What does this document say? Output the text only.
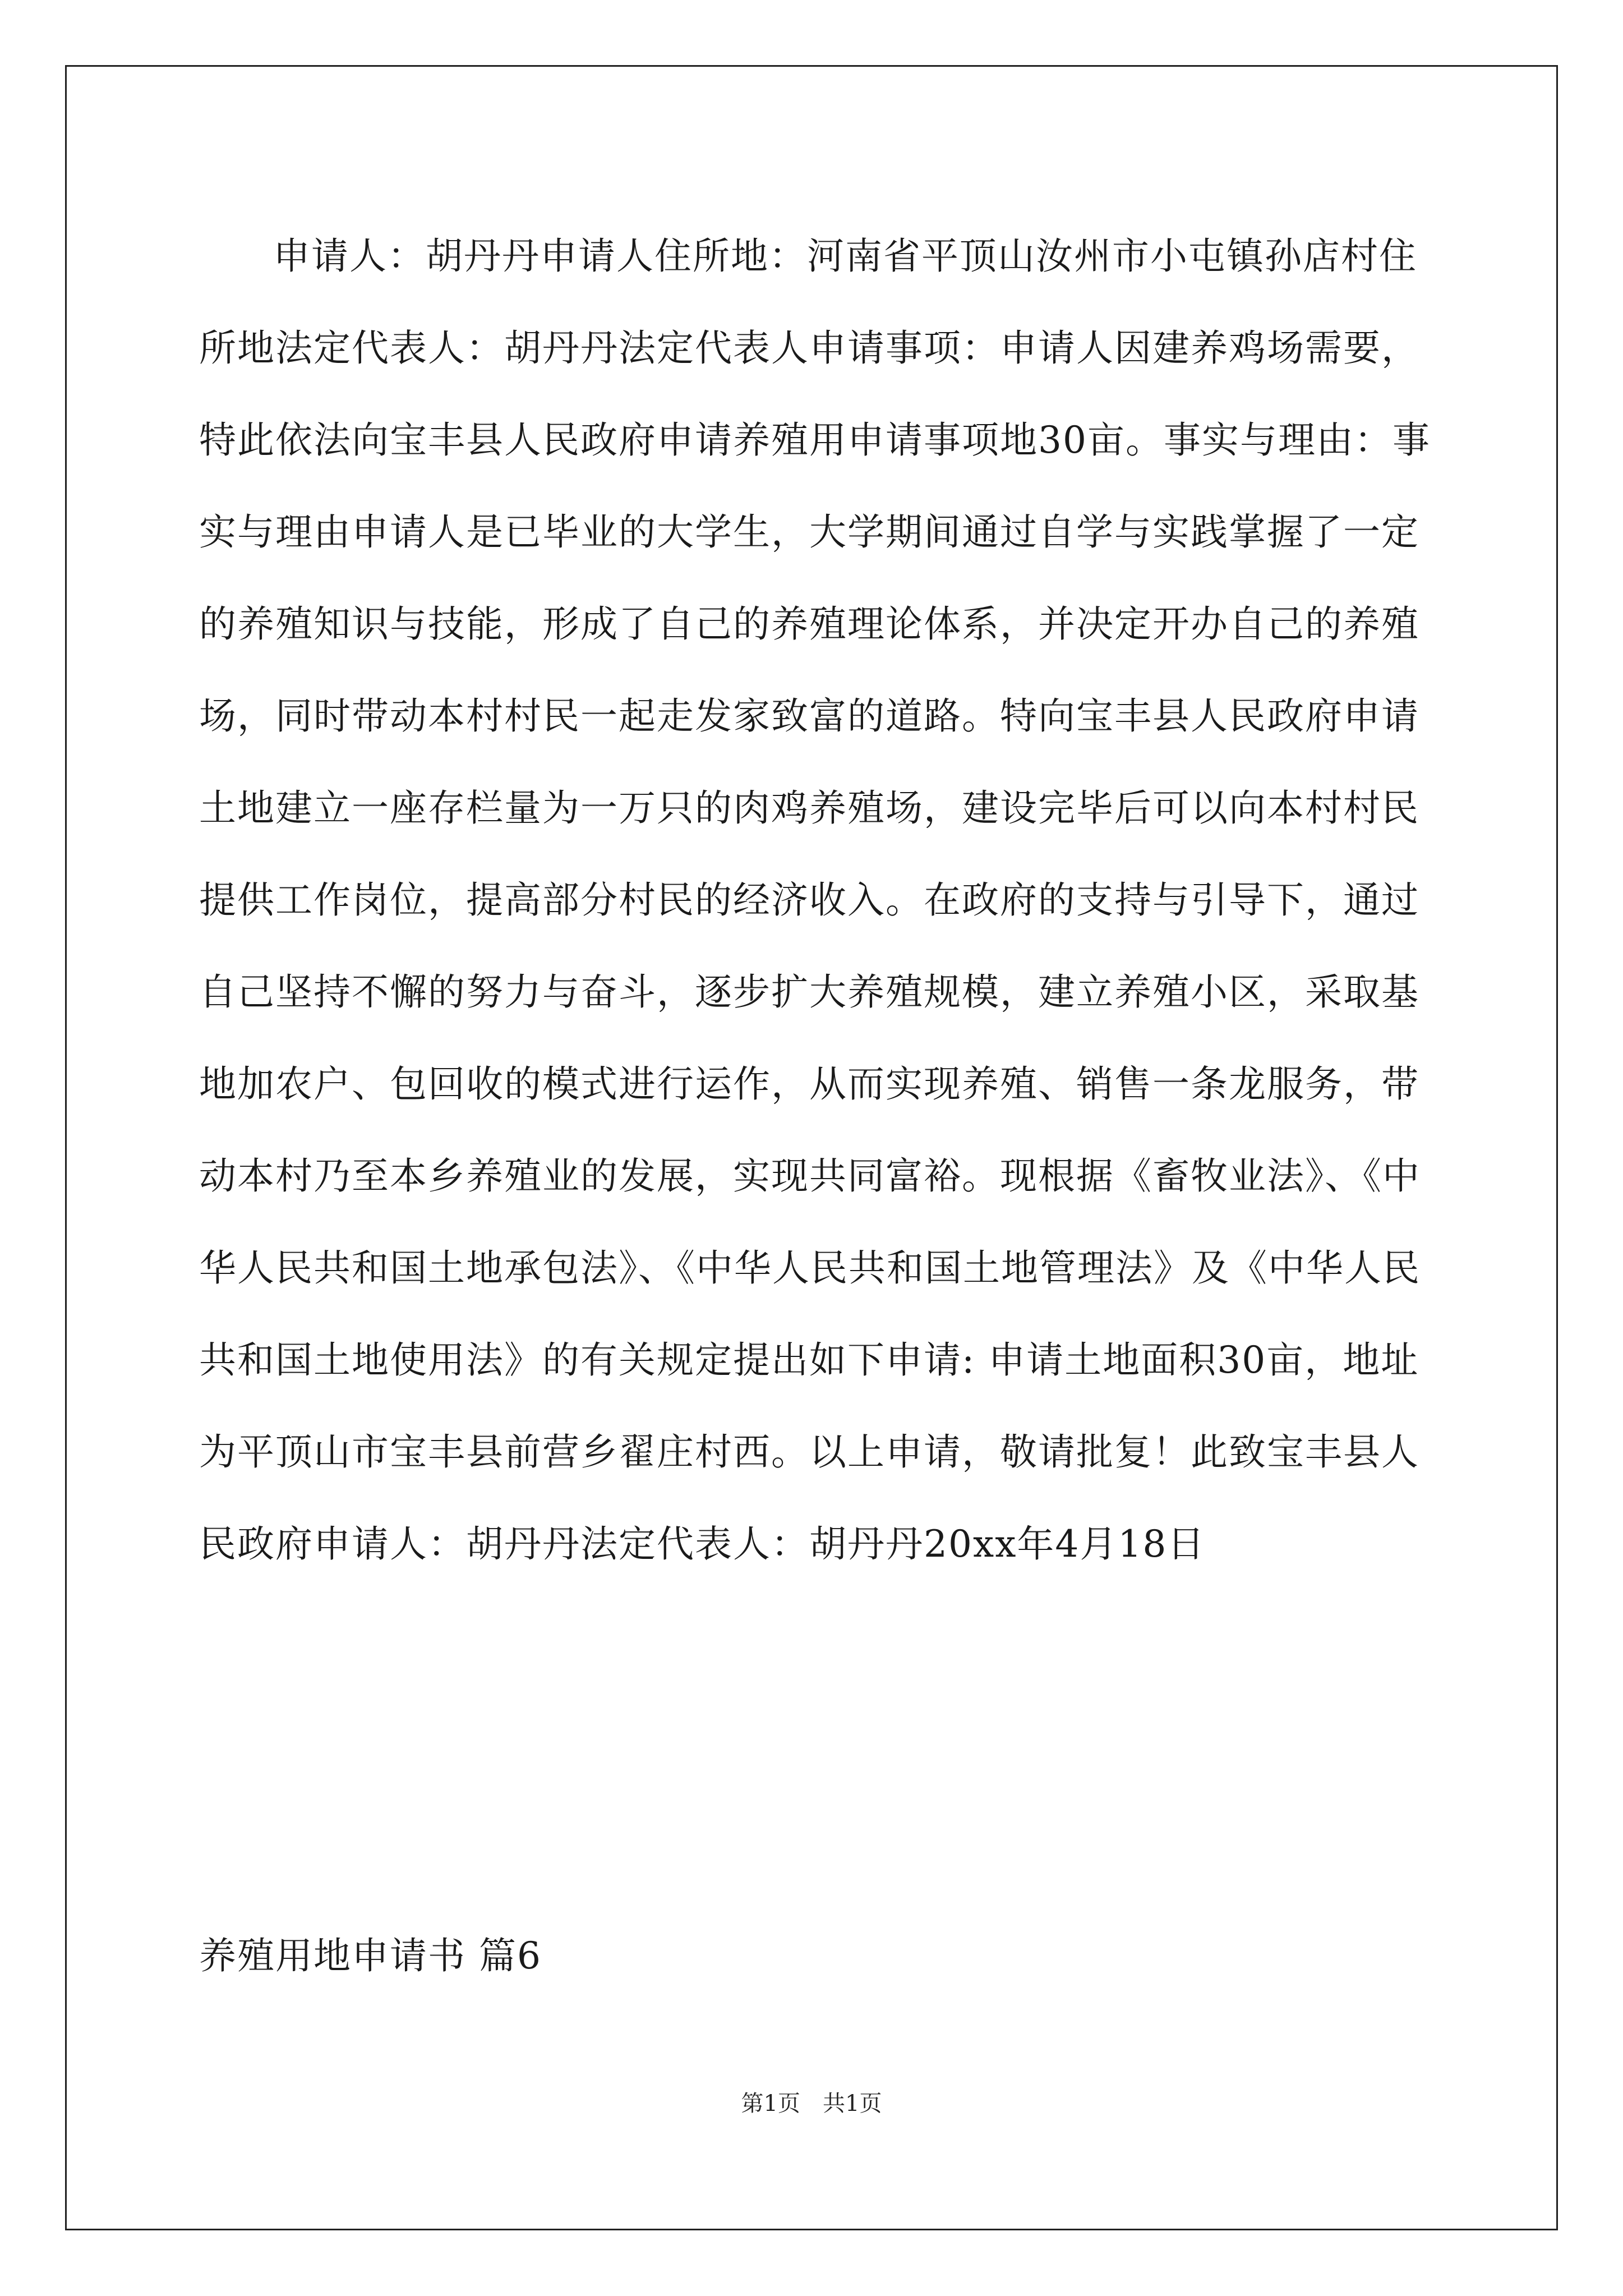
申请人：胡丹丹申请人住所地：河南省平顶山汝州市小屯镇孙店村住所地法定代表人：胡丹丹法定代表人申请事项：申请人因建养鸡场需要，特此依法向宝丰县人民政府申请养殖用申请事项地30亩。事实与理由：事实与理由申请人是已毕业的大学生，大学期间通过自学与实践掌握了一定的养殖知识与技能，形成了自己的养殖理论体系，并决定开办自己的养殖场，同时带动本村村民一起走发家致富的道路。特向宝丰县人民政府申请土地建立一座存栏量为一万只的肉鸡养殖场，建设完毕后可以向本村村民提供工作岗位，提高部分村民的经济收入。在政府的支持与引导下，通过自己坚持不懈的努力与奋斗，逐步扩大养殖规模，建立养殖小区，采取基地加农户、包回收的模式进行运作，从而实现养殖、销售一条龙服务，带动本村乃至本乡养殖业的发展，实现共同富裕。现根据《畜牧业法》、《中华人民共和国土地承包法》、《中华人民共和国土地管理法》及《中华人民共和国土地使用法》的有关规定提出如下申请: 申请土地面积30亩，地址为平顶山市宝丰县前营乡翟庄村西。以上申请，敬请批复！此致宝丰县人民政府申请人：胡丹丹法定代表人：胡丹丹20xx年4月18日

养殖用地申请书 篇6
第1页 共1页
